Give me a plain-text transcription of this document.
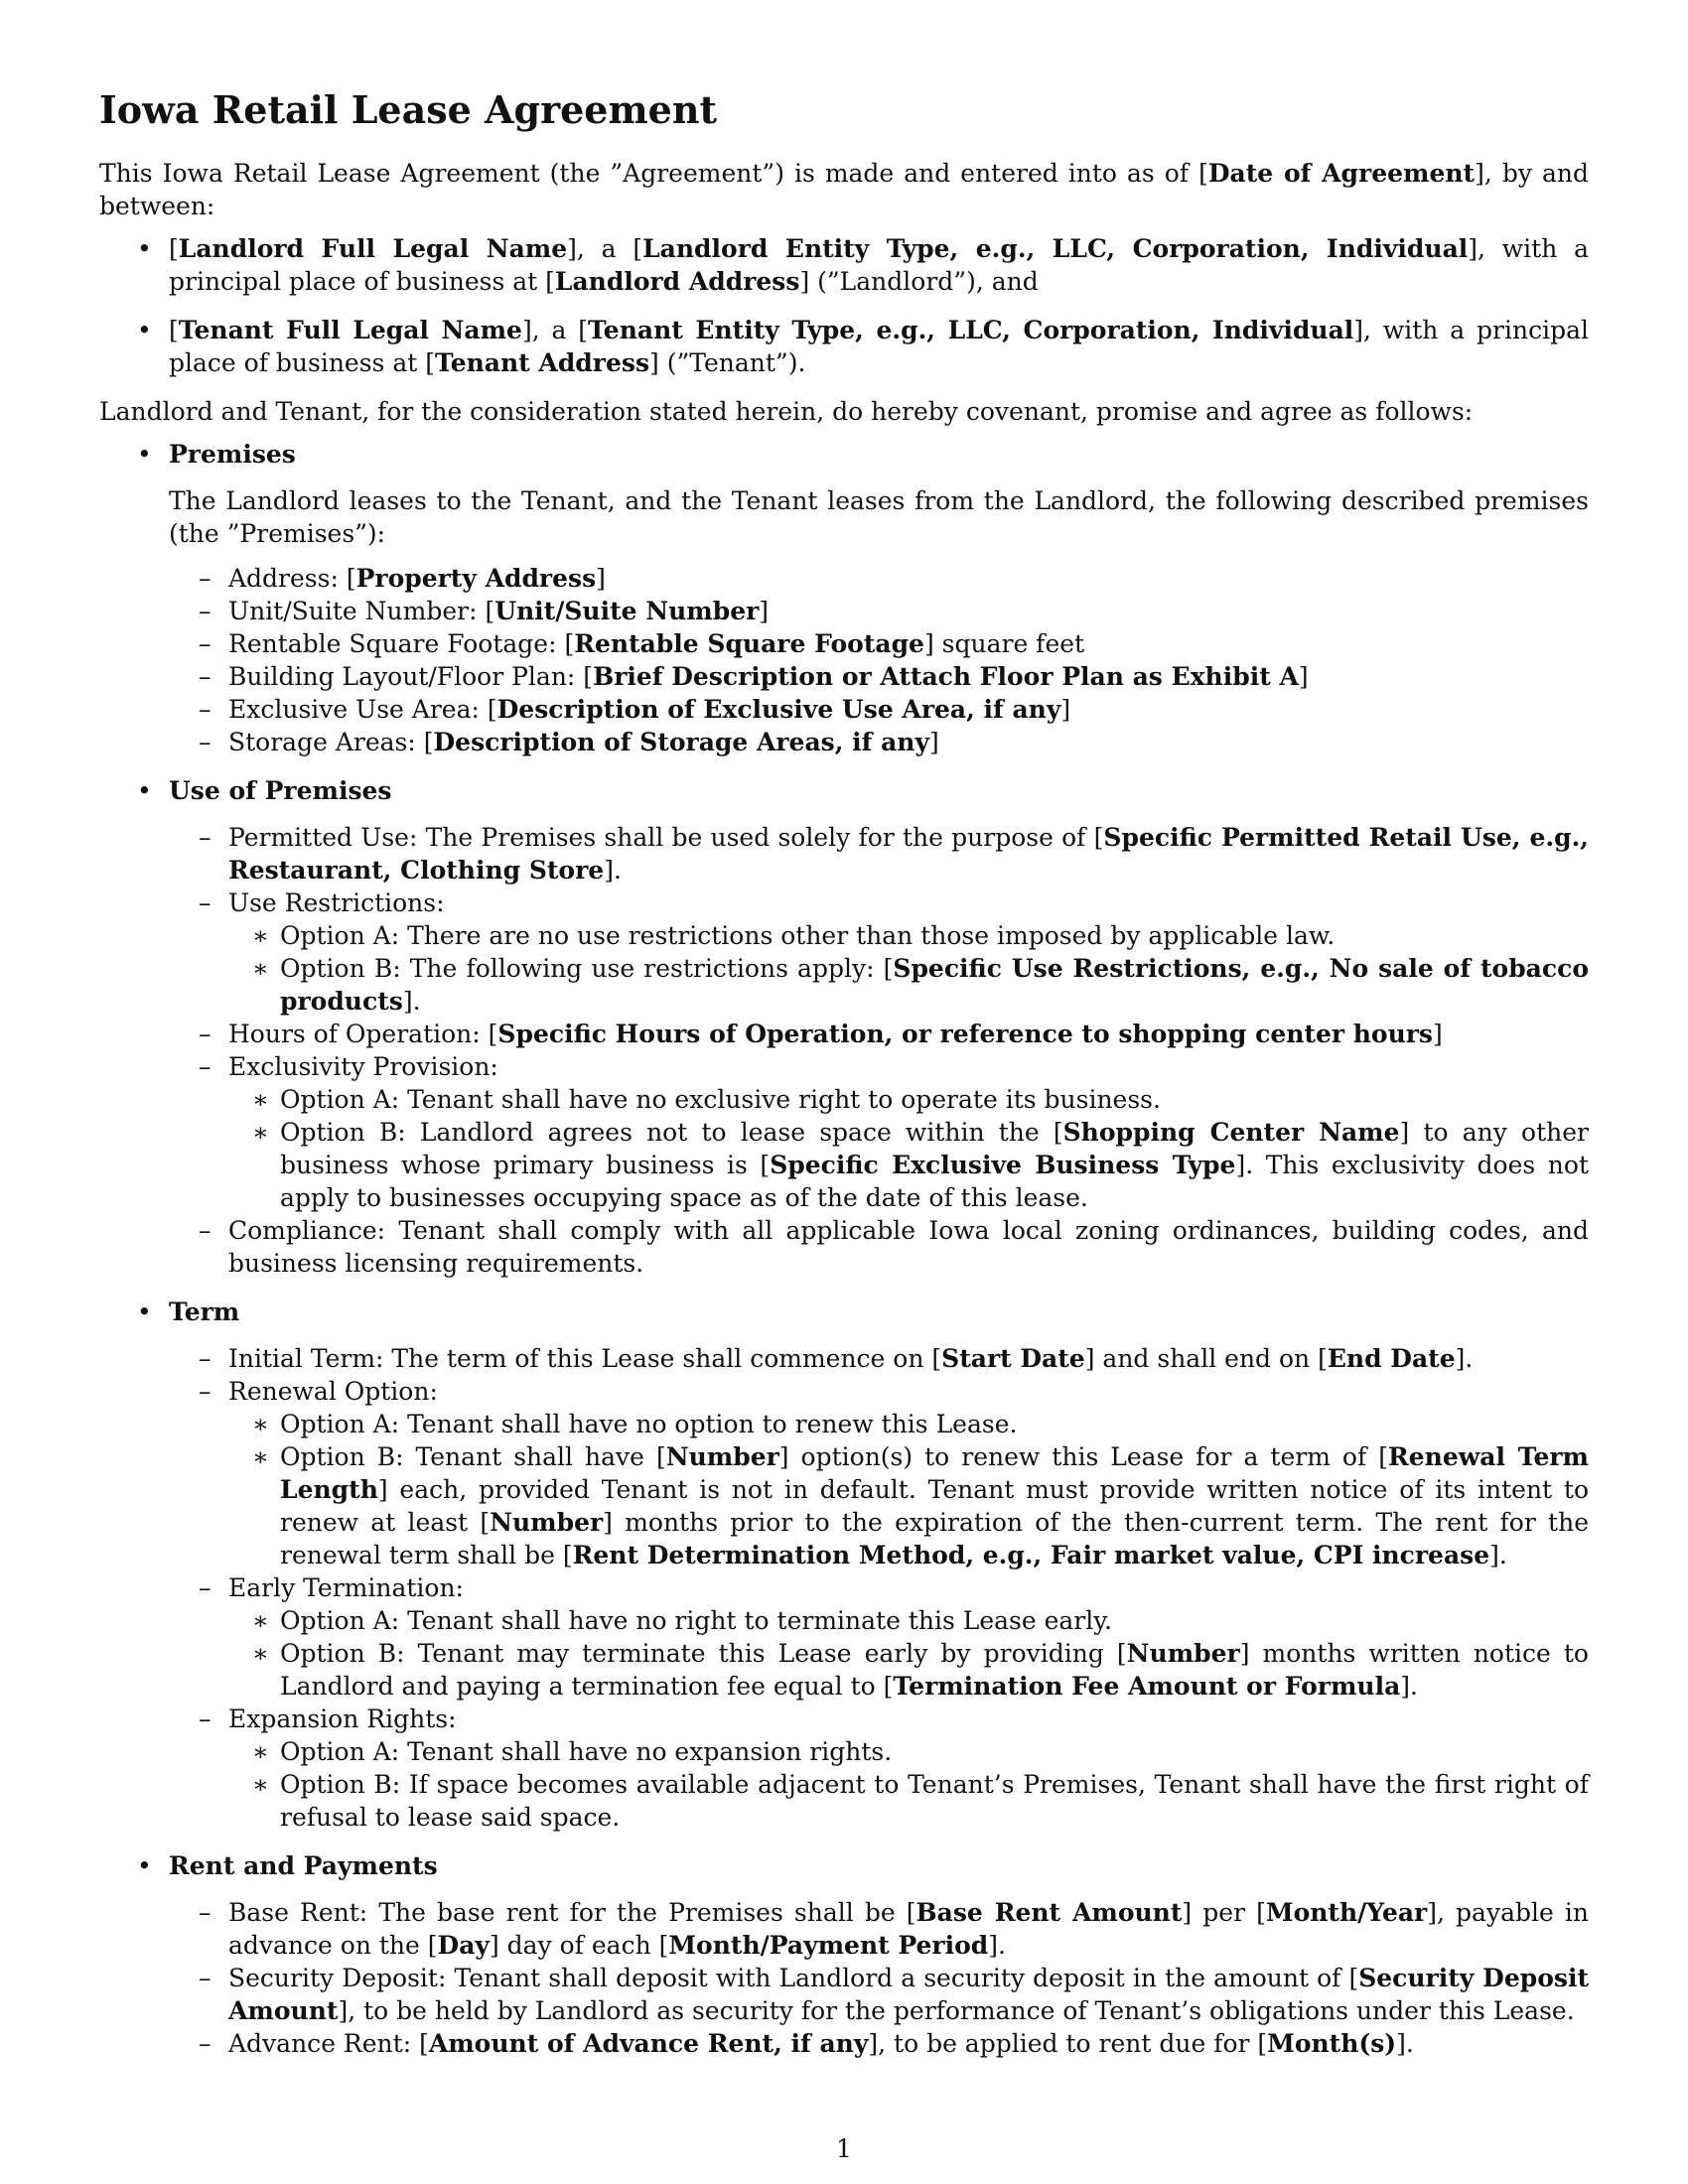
Iowa Retail Lease Agreement

This Iowa Retail Lease Agreement (the ”Agreement”) is made and entered into as of [Date of Agreement], by and between:

• [Landlord Full Legal Name], a [Landlord Entity Type, e.g., LLC, Corporation, Individual], with a principal place of business at [Landlord Address] (”Landlord”), and
• [Tenant Full Legal Name], a [Tenant Entity Type, e.g., LLC, Corporation, Individual], with a principal place of business at [Tenant Address] (”Tenant”).

Landlord and Tenant, for the consideration stated herein, do hereby covenant, promise and agree as follows:

• Premises
The Landlord leases to the Tenant, and the Tenant leases from the Landlord, the following described premises (the ”Premises”):
– Address: [Property Address]
– Unit/Suite Number: [Unit/Suite Number]
– Rentable Square Footage: [Rentable Square Footage] square feet
– Building Layout/Floor Plan: [Brief Description or Attach Floor Plan as Exhibit A]
– Exclusive Use Area: [Description of Exclusive Use Area, if any]
– Storage Areas: [Description of Storage Areas, if any]
• Use of Premises
– Permitted Use: The Premises shall be used solely for the purpose of [Specific Permitted Retail Use, e.g., Restaurant, Clothing Store].
– Use Restrictions:
∗ Option A: There are no use restrictions other than those imposed by applicable law.
∗ Option B: The following use restrictions apply: [Specific Use Restrictions, e.g., No sale of tobacco products].
– Hours of Operation: [Specific Hours of Operation, or reference to shopping center hours]
– Exclusivity Provision:
∗ Option A: Tenant shall have no exclusive right to operate its business.
∗ Option B: Landlord agrees not to lease space within the [Shopping Center Name] to any other business whose primary business is [Specific Exclusive Business Type]. This exclusivity does not apply to businesses occupying space as of the date of this lease.
– Compliance: Tenant shall comply with all applicable Iowa local zoning ordinances, building codes, and business licensing requirements.
• Term
– Initial Term: The term of this Lease shall commence on [Start Date] and shall end on [End Date].
– Renewal Option:
∗ Option A: Tenant shall have no option to renew this Lease.
∗ Option B: Tenant shall have [Number] option(s) to renew this Lease for a term of [Renewal Term Length] each, provided Tenant is not in default. Tenant must provide written notice of its intent to renew at least [Number] months prior to the expiration of the then-current term. The rent for the renewal term shall be [Rent Determination Method, e.g., Fair market value, CPI increase].
– Early Termination:
∗ Option A: Tenant shall have no right to terminate this Lease early.
∗ Option B: Tenant may terminate this Lease early by providing [Number] months written notice to Landlord and paying a termination fee equal to [Termination Fee Amount or Formula].
– Expansion Rights:
∗ Option A: Tenant shall have no expansion rights.
∗ Option B: If space becomes available adjacent to Tenant’s Premises, Tenant shall have the first right of refusal to lease said space.
• Rent and Payments
– Base Rent: The base rent for the Premises shall be [Base Rent Amount] per [Month/Year], payable in advance on the [Day] day of each [Month/Payment Period].
– Security Deposit: Tenant shall deposit with Landlord a security deposit in the amount of [Security Deposit Amount], to be held by Landlord as security for the performance of Tenant’s obligations under this Lease.
– Advance Rent: [Amount of Advance Rent, if any], to be applied to rent due for [Month(s)].
1
